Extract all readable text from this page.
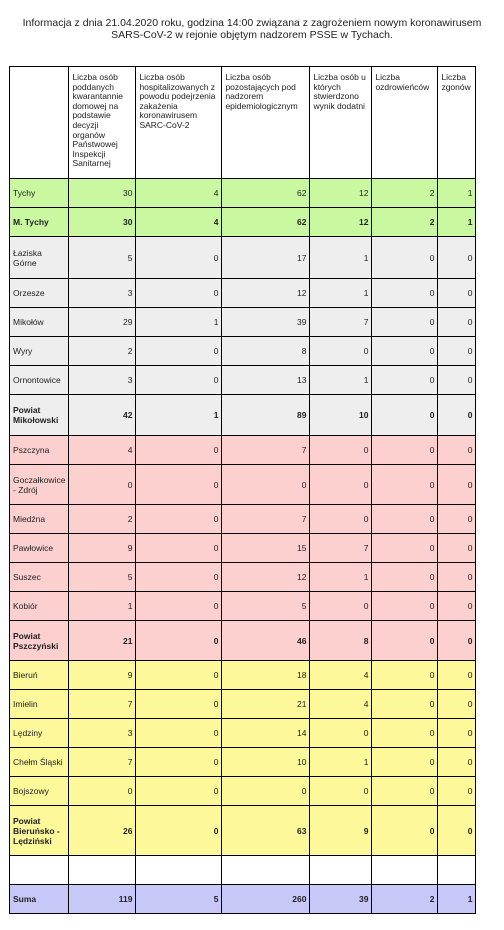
Informacja z dnia 21.04.2020 roku, godzina 14:00 związana z zagrożeniem nowym koronawirusem
SARS-CoV-2 w rejonie objętym nadzorem PSSE w Tychach.
	Liczba osób poddanych kwarantannie domowej na podstawie decyzji organów Państwowej Inspekcji Sanitarnej	Liczba osób hospitalizowanych z powodu podejrzenia zakażenia koronawirusem SARC-CoV-2	Liczba osób pozostających pod nadzorem epidemiologicznym	Liczba osób u których stwierdzono wynik dodatni	Liczba ozdrowieńców	Liczba zgonów
Tychy	30	4	62	12	2	1
M. Tychy	30	4	62	12	2	1
Łaziska Górne	5	0	17	1	0	0
Orzesze	3	0	12	1	0	0
Mikołów	29	1	39	7	0	0
Wyry	2	0	8	0	0	0
Ornontowice	3	0	13	1	0	0
Powiat Mikołowski	42	1	89	10	0	0
Pszczyna	4	0	7	0	0	0
Goczałkowice - Zdrój	0	0	0	0	0	0
Miedźna	2	0	7	0	0	0
Pawłowice	9	0	15	7	0	0
Suszec	5	0	12	1	0	0
Kobiór	1	0	5	0	0	0
Powiat Pszczyński	21	0	46	8	0	0
Bieruń	9	0	18	4	0	0
Imielin	7	0	21	4	0	0
Lędziny	3	0	14	0	0	0
Chełm Śląski	7	0	10	1	0	0
Bojszowy	0	0	0	0	0	0
Powiat Bieruńsko - Lędziński	26	0	63	9	0	0

Suma	119	5	260	39	2	1
